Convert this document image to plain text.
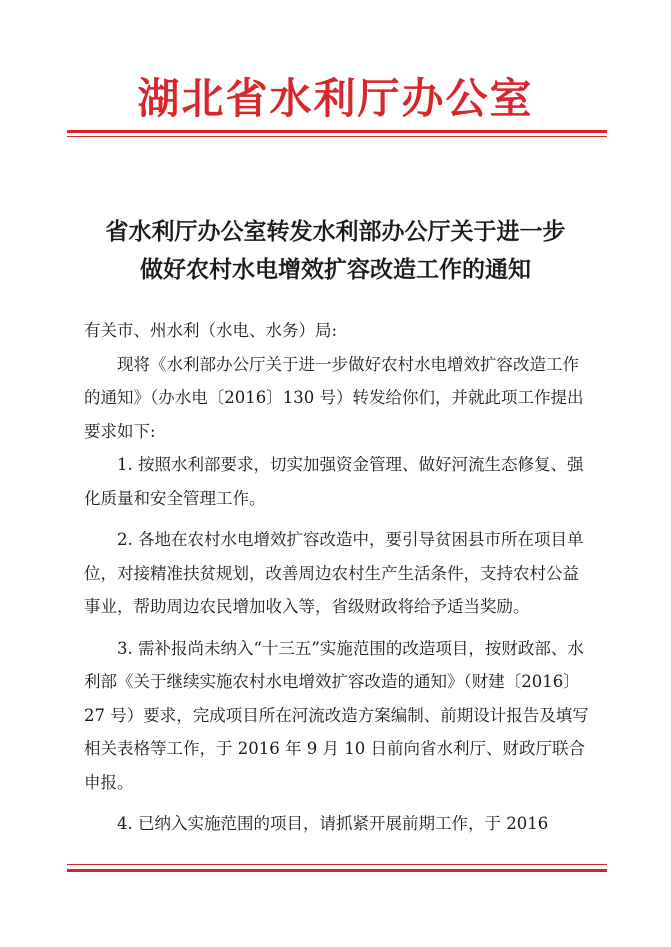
湖北省水利厅办公室
省水利厅办公室转发水利部办公厅关于进一步
做好农村水电增效扩容改造工作的通知

有关市、州水利（水电、水务）局:

现将《水利部办公厅关于进一步做好农村水电增效扩容改造工作的通知》（办水电〔2016〕130 号）转发给你们，并就此项工作提出要求如下:

1. 按照水利部要求，切实加强资金管理、做好河流生态修复、强化质量和安全管理工作。

2. 各地在农村水电增效扩容改造中，要引导贫困县市所在项目单位，对接精准扶贫规划，改善周边农村生产生活条件，支持农村公益事业，帮助周边农民增加收入等，省级财政将给予适当奖励。

3. 需补报尚未纳入“十三五”实施范围的改造项目，按财政部、水利部《关于继续实施农村水电增效扩容改造的通知》（财建〔2016〕27 号）要求，完成项目所在河流改造方案编制、前期设计报告及填写相关表格等工作，于 2016 年 9 月 10 日前向省水利厅、财政厅联合申报。

4. 已纳入实施范围的项目，请抓紧开展前期工作，于 2016
